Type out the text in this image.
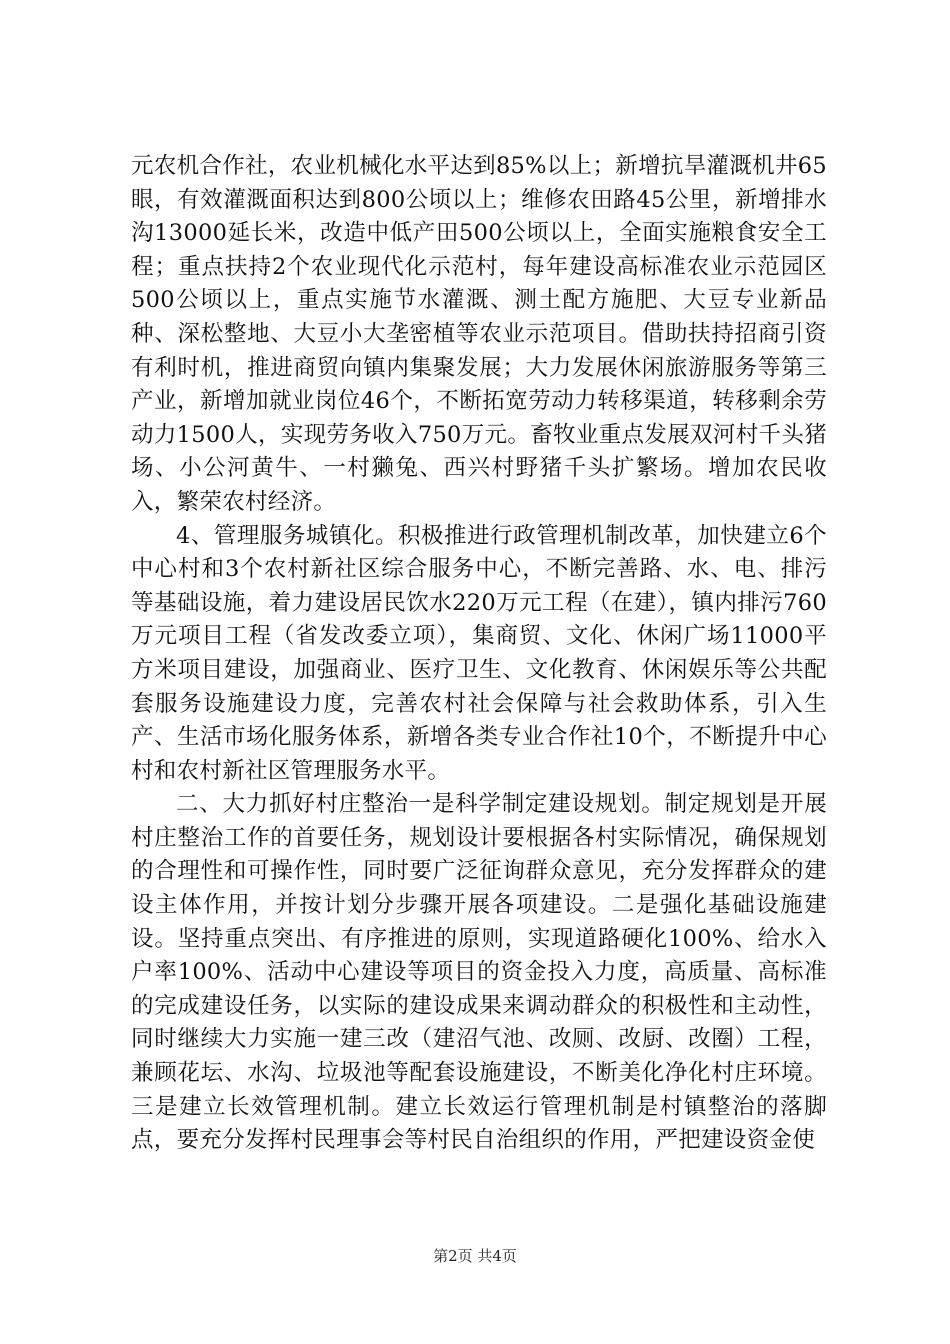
元农机合作社，农业机械化水平达到85%以上；新增抗旱灌溉机井65眼，有效灌溉面积达到800公顷以上；维修农田路45公里，新增排水沟13000延长米，改造中低产田500公顷以上，全面实施粮食安全工程；重点扶持2个农业现代化示范村，每年建设高标准农业示范园区500公顷以上，重点实施节水灌溉、测土配方施肥、大豆专业新品种、深松整地、大豆小大垄密植等农业示范项目。借助扶持招商引资有利时机，推进商贸向镇内集聚发展；大力发展休闲旅游服务等第三产业，新增加就业岗位46个，不断拓宽劳动力转移渠道，转移剩余劳动力1500人，实现劳务收入750万元。畜牧业重点发展双河村千头猪场、小公河黄牛、一村獭兔、西兴村野猪千头扩繁场。增加农民收入，繁荣农村经济。

4、管理服务城镇化。积极推进行政管理机制改革，加快建立6个中心村和3个农村新社区综合服务中心，不断完善路、水、电、排污等基础设施，着力建设居民饮水220万元工程（在建），镇内排污760万元项目工程（省发改委立项），集商贸、文化、休闲广场11000平方米项目建设，加强商业、医疗卫生、文化教育、休闲娱乐等公共配套服务设施建设力度，完善农村社会保障与社会救助体系，引入生产、生活市场化服务体系，新增各类专业合作社10个，不断提升中心村和农村新社区管理服务水平。

二、大力抓好村庄整治一是科学制定建设规划。制定规划是开展村庄整治工作的首要任务，规划设计要根据各村实际情况，确保规划的合理性和可操作性，同时要广泛征询群众意见，充分发挥群众的建设主体作用，并按计划分步骤开展各项建设。二是强化基础设施建设。坚持重点突出、有序推进的原则，实现道路硬化100%、给水入户率100%、活动中心建设等项目的资金投入力度，高质量、高标准的完成建设任务，以实际的建设成果来调动群众的积极性和主动性，同时继续大力实施一建三改（建沼气池、改厕、改厨、改圈）工程，兼顾花坛、水沟、垃圾池等配套设施建设，不断美化净化村庄环境。三是建立长效管理机制。建立长效运行管理机制是村镇整治的落脚点，要充分发挥村民理事会等村民自治组织的作用，严把建设资金使

第2页 共4页
